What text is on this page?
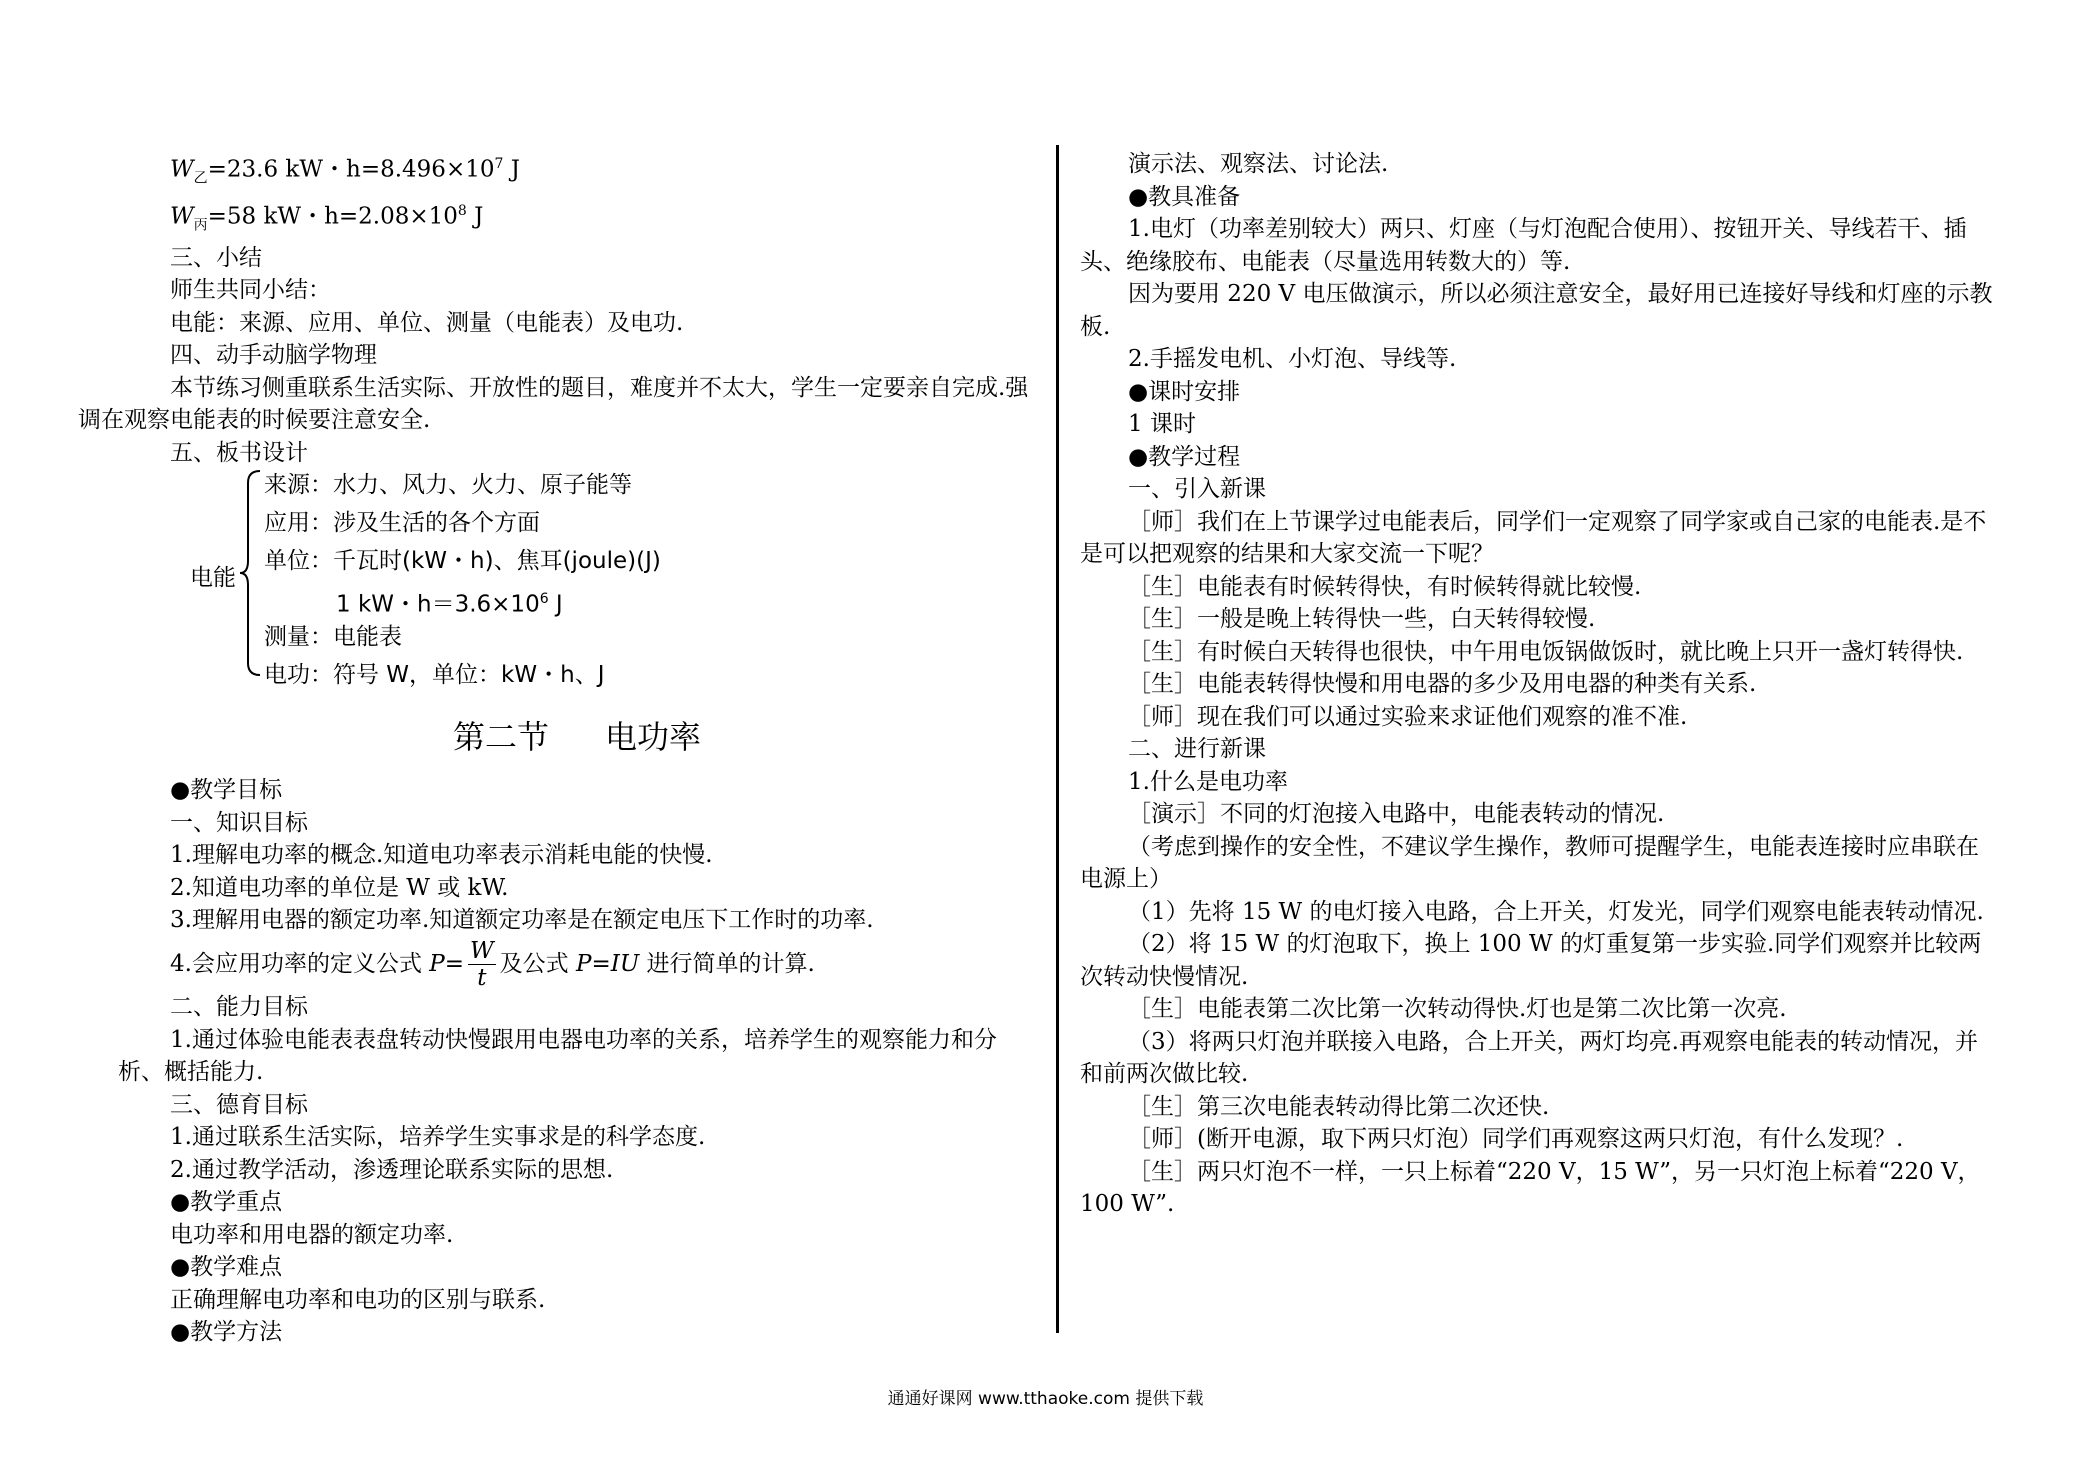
$W_乙=23.6$ kW・$h=8.496\times 10^7$ J

$W_丙=58$ kW・$h=2.08\times 10^8$ J

三、小结

师生共同小结：

电能：来源、应用、单位、测量（电能表）及电功.

四、动手动脑学物理

本节练习侧重联系生活实际、开放性的题目，难度并不太大，学生一定要亲自完成.强调在观察电能表的时候要注意安全.

五、板书设计

电能
来源：水力、风力、火力、原子能等
应用：涉及生活的各个方面
单位：千瓦时(kW・h)、焦耳(joule)(J)
1 kW・$h=3.6\times 10^6$ J
测量：电能表
电功：符号 W，单位：kW・h、J
第二节 电功率

●教学目标

一、知识目标

1.理解电功率的概念.知道电功率表示消耗电能的快慢.

2.知道电功率的单位是 W 或 kW.

3.理解用电器的额定功率.知道额定功率是在额定电压下工作时的功率.

4.会应用功率的定义公式 $P= \frac{W}{t}$ 及公式 P=IU 进行简单的计算.

二、能力目标

1.通过体验电能表表盘转动快慢跟用电器电功率的关系，培养学生的观察能力和分析、概括能力.

三、德育目标

1.通过联系生活实际，培养学生实事求是的科学态度.

2.通过教学活动，渗透理论联系实际的思想.

●教学重点

电功率和用电器的额定功率.

●教学难点

正确理解电功率和电功的区别与联系.

●教学方法

演示法、观察法、讨论法.

●教具准备

1.电灯（功率差别较大）两只、灯座（与灯泡配合使用）、按钮开关、导线若干、插头、绝缘胶布、电能表（尽量选用转数大的）等.

因为要用 220 V 电压做演示，所以必须注意安全，最好用已连接好导线和灯座的示教板.

2.手摇发电机、小灯泡、导线等.

●课时安排

1 课时

●教学过程

一、引入新课

［师］我们在上节课学过电能表后，同学们一定观察了同学家或自己家的电能表.是不是可以把观察的结果和大家交流一下呢？

［生］电能表有时候转得快，有时候转得就比较慢.

［生］一般是晚上转得快一些，白天转得较慢.

［生］有时候白天转得也很快，中午用电饭锅做饭时，就比晚上只开一盏灯转得快.

［生］电能表转得快慢和用电器的多少及用电器的种类有关系.

［师］现在我们可以通过实验来求证他们观察的准不准.

二、进行新课

1.什么是电功率

［演示］不同的灯泡接入电路中，电能表转动的情况.

（考虑到操作的安全性，不建议学生操作，教师可提醒学生，电能表连接时应串联在电源上）

（1）先将 15 W 的电灯接入电路，合上开关，灯发光，同学们观察电能表转动情况.

（2）将 15 W 的灯泡取下，换上 100 W 的灯重复第一步实验.同学们观察并比较两次转动快慢情况.

［生］电能表第二次比第一次转动得快.灯也是第二次比第一次亮.

（3）将两只灯泡并联接入电路，合上开关，两灯均亮.再观察电能表的转动情况，并和前两次做比较.

［生］第三次电能表转动得比第二次还快.

［师］(断开电源，取下两只灯泡）同学们再观察这两只灯泡，有什么发现？.

［生］两只灯泡不一样，一只上标着“220 V，15 W”，另一只灯泡上标着“220 V，

100 W”.

通通好课网 www.tthaoke.com 提供下载
